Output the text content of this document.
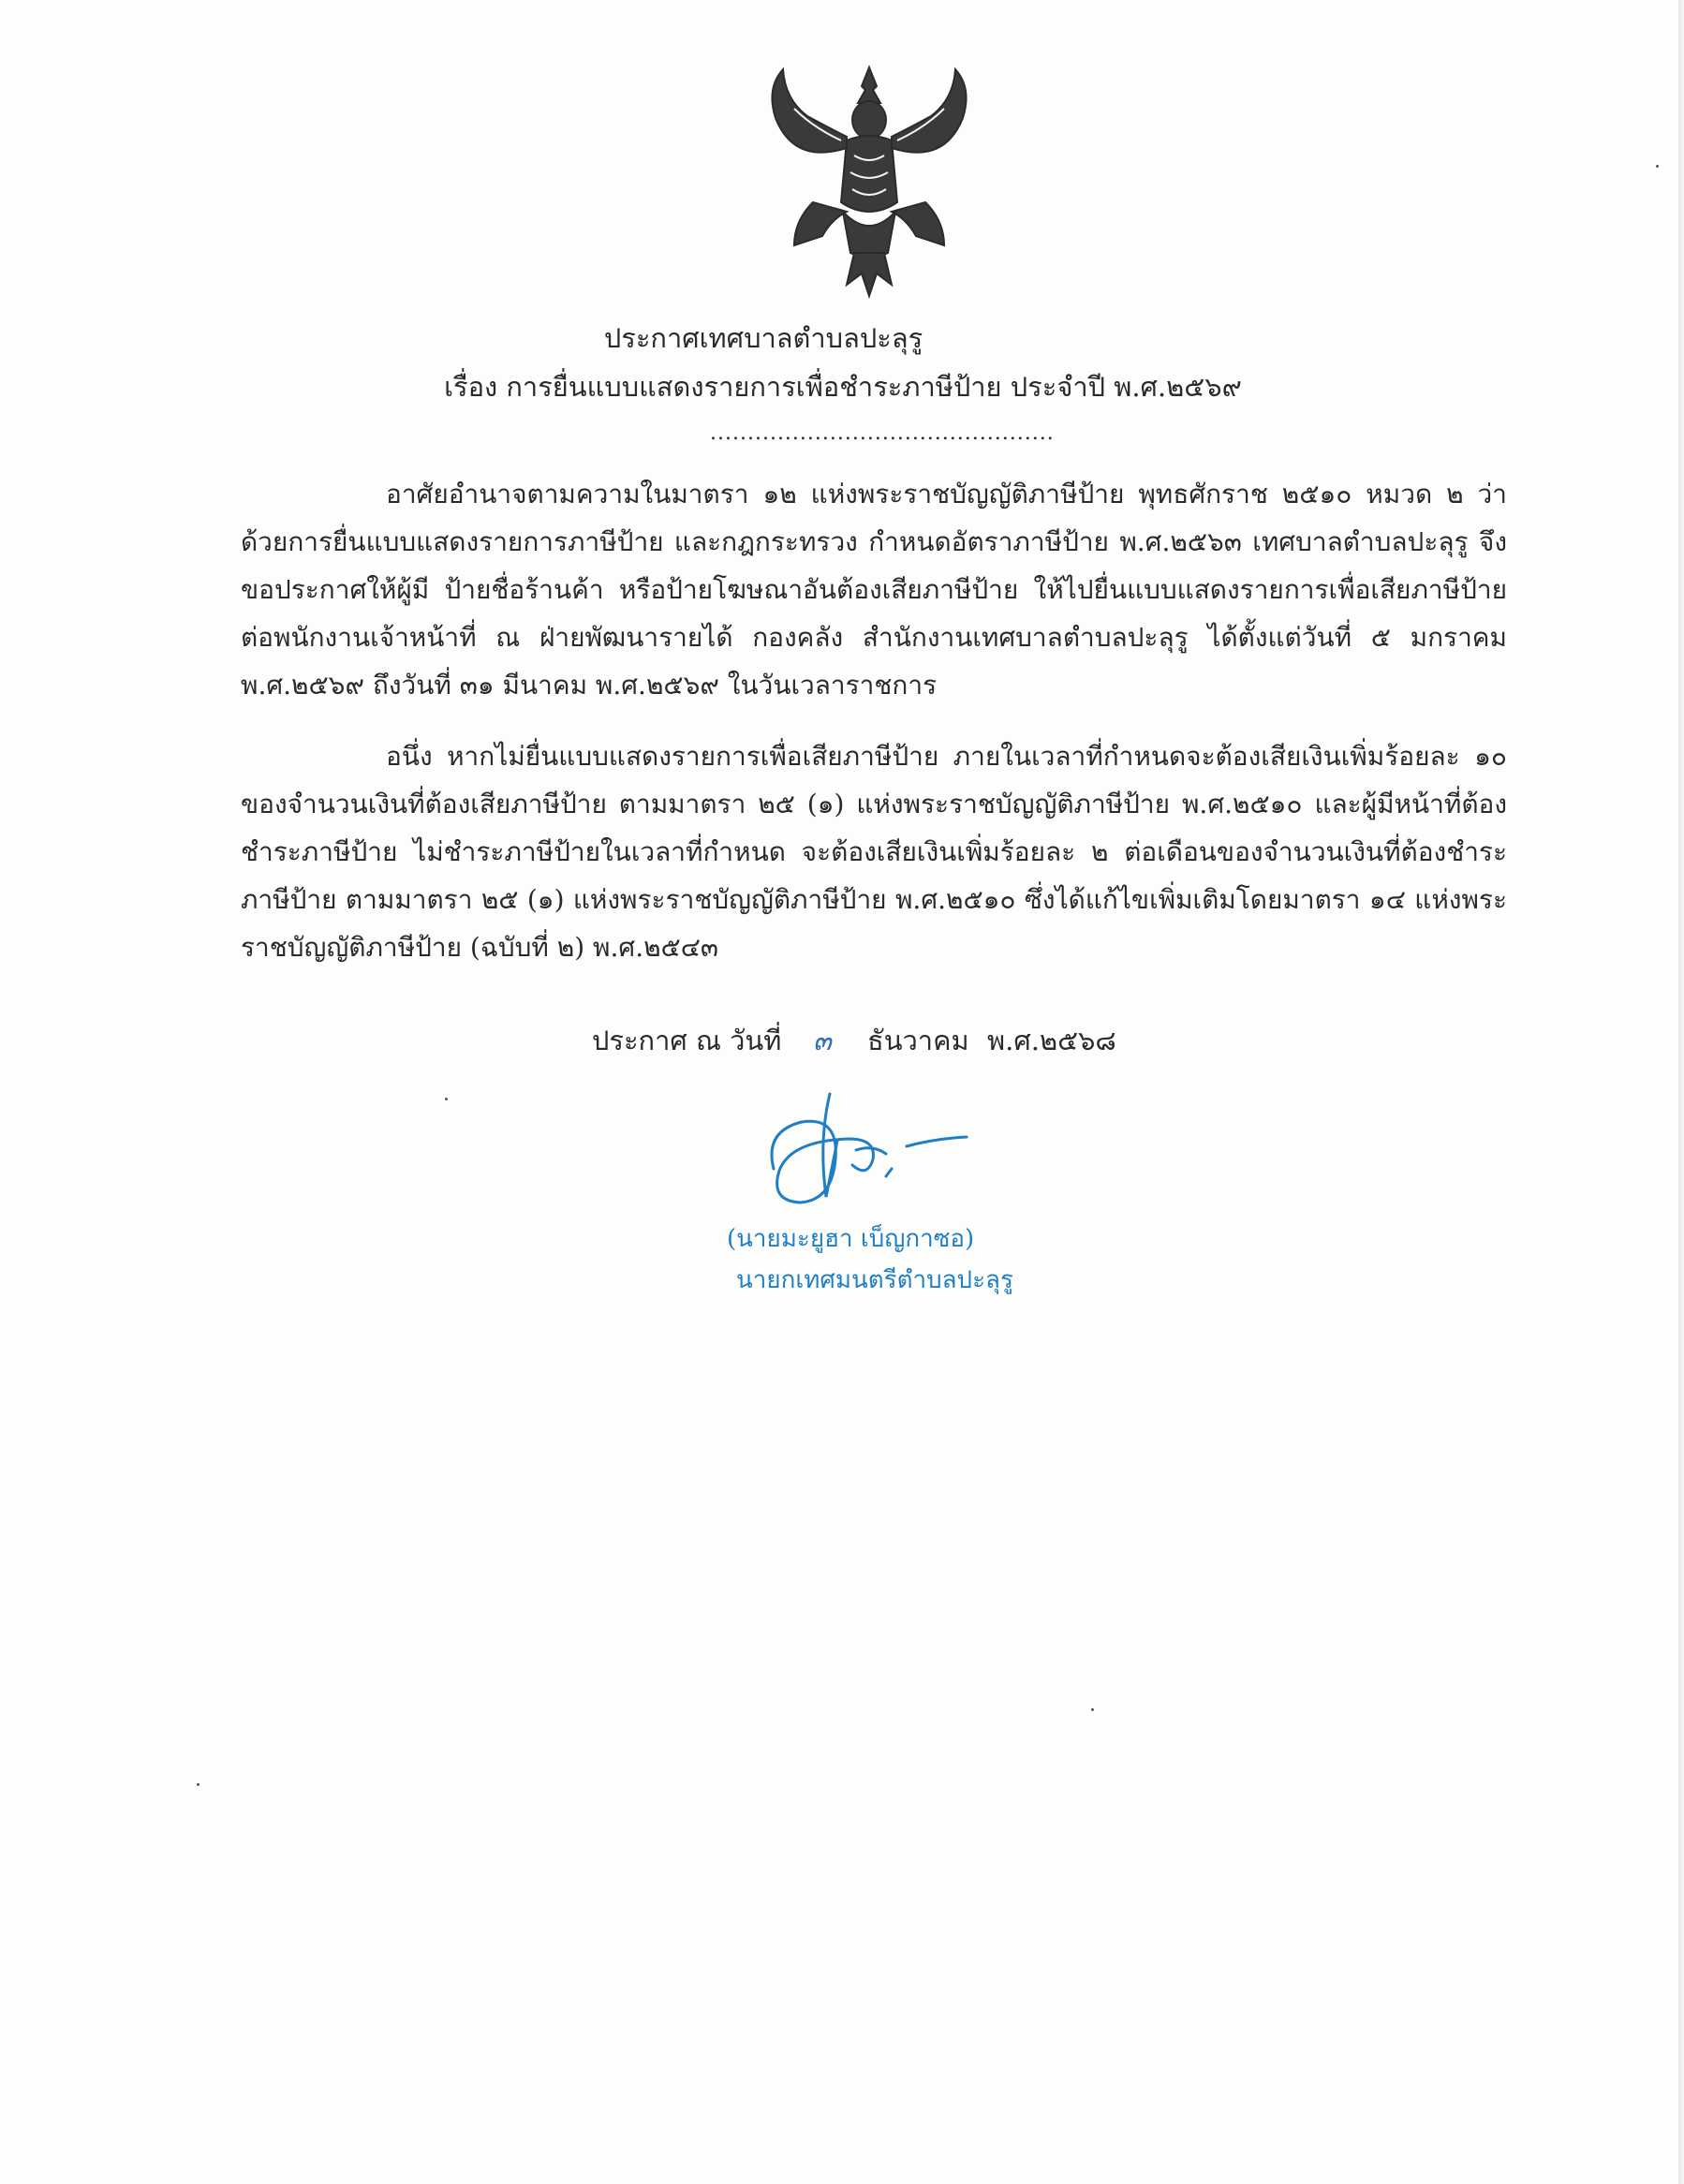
ประกาศเทศบาลตำบลปะลุรู
เรื่อง การยื่นแบบแสดงรายการเพื่อชำระภาษีป้าย ประจำปี พ.ศ.๒๕๖๙
..............................................

อาศัยอำนาจตามความในมาตรา ๑๒ แห่งพระราชบัญญัติภาษีป้าย พุทธศักราช ๒๕๑๐ หมวด ๒ ว่าด้วยการยื่นแบบแสดงรายการภาษีป้าย และกฎกระทรวง กำหนดอัตราภาษีป้าย พ.ศ.๒๕๖๓ เทศบาลตำบลปะลุรู จึงขอประกาศให้ผู้มี ป้ายชื่อร้านค้า หรือป้ายโฆษณาอันต้องเสียภาษีป้าย ให้ไปยื่นแบบแสดงรายการเพื่อเสียภาษีป้ายต่อพนักงานเจ้าหน้าที่ ณ ฝ่ายพัฒนารายได้ กองคลัง สำนักงานเทศบาลตำบลปะลุรู ได้ตั้งแต่วันที่ ๕ มกราคม พ.ศ.๒๕๖๙ ถึงวันที่ ๓๑ มีนาคม พ.ศ.๒๕๖๙ ในวันเวลาราชการ

อนึ่ง หากไม่ยื่นแบบแสดงรายการเพื่อเสียภาษีป้าย ภายในเวลาที่กำหนดจะต้องเสียเงินเพิ่มร้อยละ ๑๐ ของจำนวนเงินที่ต้องเสียภาษีป้าย ตามมาตรา ๒๕ (๑) แห่งพระราชบัญญัติภาษีป้าย พ.ศ.๒๕๑๐ และผู้มีหน้าที่ต้องชำระภาษีป้าย ไม่ชำระภาษีป้ายในเวลาที่กำหนด จะต้องเสียเงินเพิ่มร้อยละ ๒ ต่อเดือนของจำนวนเงินที่ต้องชำระภาษีป้าย ตามมาตรา ๒๕ (๑) แห่งพระราชบัญญัติภาษีป้าย พ.ศ.๒๕๑๐ ซึ่งได้แก้ไขเพิ่มเติมโดยมาตรา ๑๔ แห่งพระราชบัญญัติภาษีป้าย (ฉบับที่ ๒) พ.ศ.๒๕๔๓

ประกาศ ณ วันที่ ๓ ธันวาคม พ.ศ.๒๕๖๘
(นายมะยูฮา เบ็ญกาซอ)
นายกเทศมนตรีตำบลปะลุรู
